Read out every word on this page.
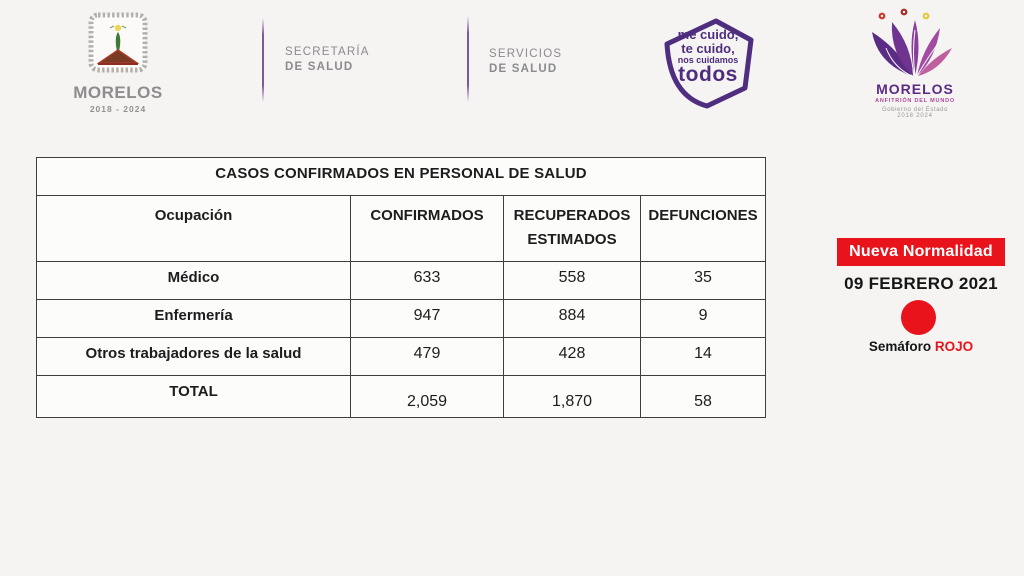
MORELOS
2018 - 2024
SECRETARÍA
DE SALUD
SERVICIOS
DE SALUD
me cuido,
te cuido,
nos cuidamos
todos
MORELOS
ANFITRIÓN DEL MUNDO
Gobierno del Estado
2018 2024
CASOS CONFIRMADOS EN PERSONAL DE SALUD			
Ocupación	CONFIRMADOS	RECUPERADOS ESTIMADOS	DEFUNCIONES
Médico	633	558	35
Enfermería	947	884	9
Otros trabajadores de la salud	479	428	14
TOTAL	2,059	1,870	58
Nueva Normalidad
09 FEBRERO 2021
Semáforo ROJO
